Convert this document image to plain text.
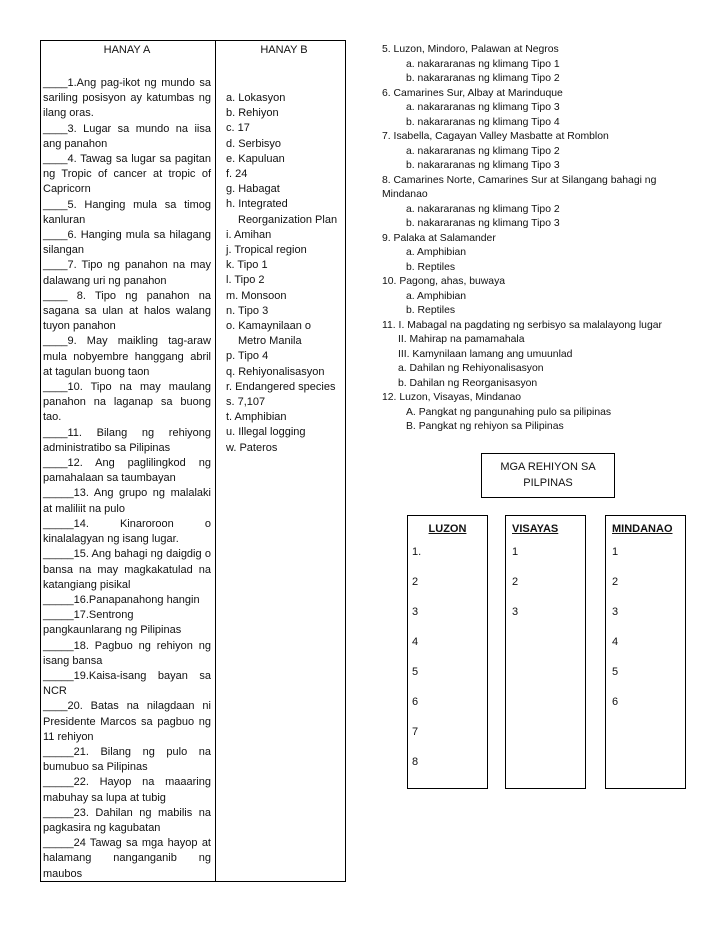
HANAY A
____1.Ang pag-ikot ng mundo sa sariling posisyon ay katumbas ng ilang oras.
____3. Lugar sa mundo na iisa ang panahon
____4. Tawag sa lugar sa pagitan ng Tropic of cancer at tropic of Capricorn
____5. Hanging mula sa timog kanluran
____6. Hanging mula sa hilagang silangan
____7. Tipo ng panahon na may dalawang uri ng panahon
____ 8. Tipo ng panahon na sagana sa ulan at halos walang tuyon panahon
____9. May maikling tag-araw mula nobyembre hanggang abril at tagulan buong taon
____10. Tipo na may maulang panahon na laganap sa buong tao.
____11. Bilang ng rehiyong administratibo sa Pilipinas
____12. Ang paglilingkod ng pamahalaan sa taumbayan
_____13. Ang grupo ng malalaki at maliliit na pulo
_____14. Kinaroroon o kinalalagyan ng isang lugar.
_____15. Ang bahagi ng daigdig o bansa na may magkakatulad na katangiang pisikal
_____16.Panapanahong hangin
_____17.Sentrong pangkaunlarang ng Pilipinas
_____18. Pagbuo ng rehiyon ng isang bansa
_____19.Kaisa-isang bayan sa NCR
____20. Batas na nilagdaan ni Presidente Marcos sa pagbuo ng 11 rehiyon
_____21. Bilang ng pulo na bumubuo sa Pilipinas
_____22. Hayop na maaaring mabuhay sa lupa at tubig
_____23. Dahilan ng mabilis na pagkasira ng kagubatan
_____24 Tawag sa mga hayop at halamang nanganganib ng maubos
HANAY B
a. Lokasyon
b. Rehiyon
c. 17
d. Serbisyo
e. Kapuluan
f. 24
g. Habagat
h. Integrated
Reorganization Plan
i. Amihan
j. Tropical region
k. Tipo 1
l. Tipo 2
m. Monsoon
n. Tipo 3
o. Kamaynilaan o
Metro Manila
p. Tipo 4
q. Rehiyonalisasyon
r. Endangered species
s. 7,107
t. Amphibian
u. Illegal logging
w. Pateros
5. Luzon, Mindoro, Palawan at Negros
a. nakararanas ng klimang Tipo 1
b. nakararanas ng klimang Tipo 2
6. Camarines Sur, Albay at Marinduque
a. nakararanas ng klimang Tipo 3
b. nakararanas ng klimang Tipo 4
7. Isabella, Cagayan Valley Masbatte at Romblon
a. nakararanas ng klimang Tipo 2
b. nakararanas ng klimang Tipo 3
8. Camarines Norte, Camarines Sur at Silangang bahagi ng Mindanao
a. nakararanas ng klimang Tipo 2
b. nakararanas ng klimang Tipo 3
9. Palaka at Salamander
a. Amphibian
b. Reptiles
10. Pagong, ahas, buwaya
a. Amphibian
b. Reptiles
11. I. Mabagal na pagdating ng serbisyo sa malalayong lugar
II. Mahirap na pamamahala
III. Kamynilaan lamang ang umuunlad
a. Dahilan ng Rehiyonalisasyon
b. Dahilan ng Reorganisasyon
12. Luzon, Visayas, Mindanao
A. Pangkat ng pangunahing pulo sa pilipinas
B. Pangkat ng rehiyon sa Pilipinas
MGA REHIYON SA PILPINAS
LUZON
1.
2
3
4
5
6
7
8
VISAYAS
1
2
3
MINDANAO
1
2
3
4
5
6
